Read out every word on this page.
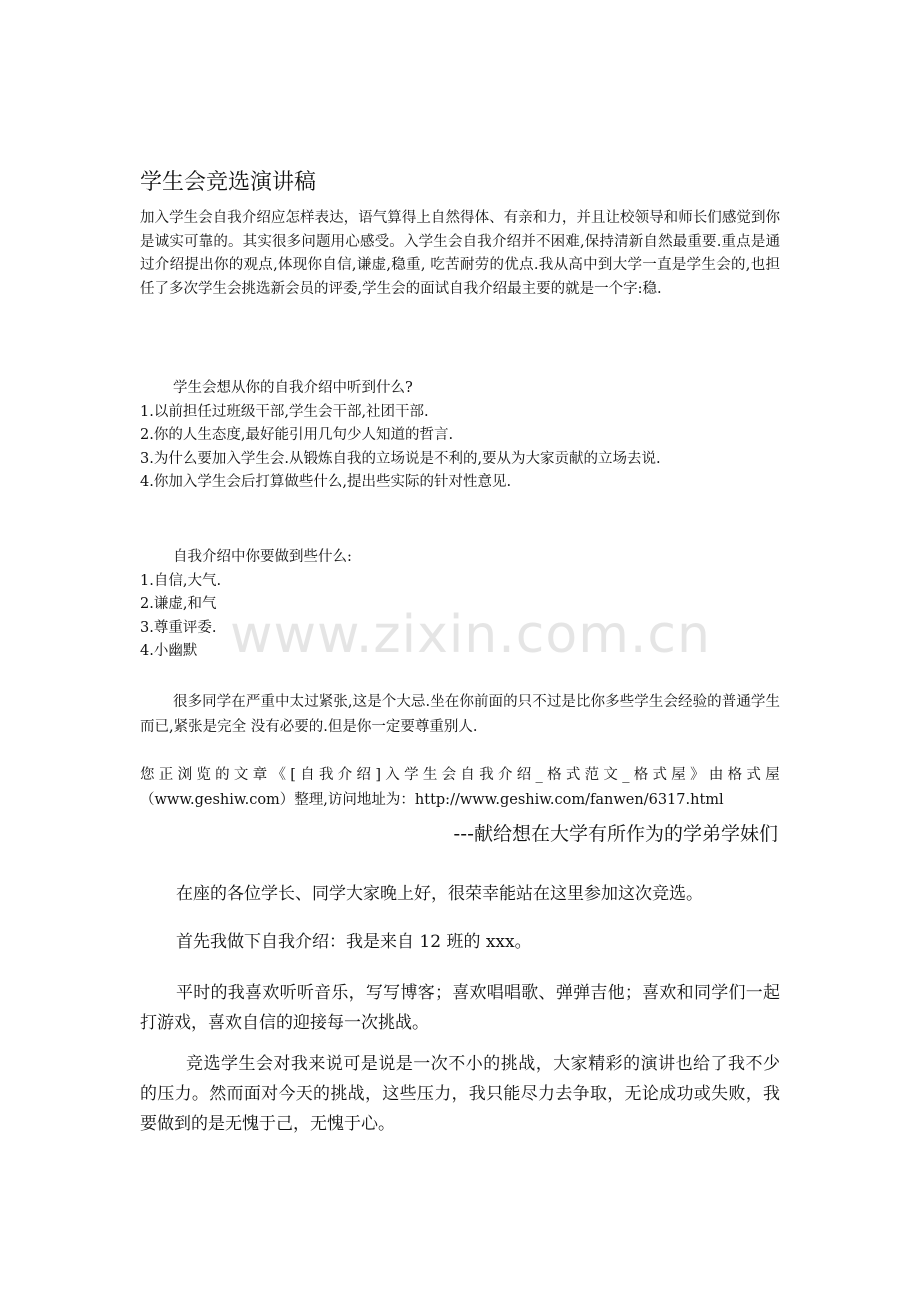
学生会竞选演讲稿

加入学生会自我介绍应怎样表达，语气算得上自然得体、有亲和力，并且让校领导和师长们感觉到你是诚实可靠的。其实很多问题用心感受。入学生会自我介绍并不困难,保持清新自然最重要.重点是通过介绍提出你的观点,体现你自信,谦虚,稳重, 吃苦耐劳的优点.我从高中到大学一直是学生会的,也担任了多次学生会挑选新会员的评委,学生会的面试自我介绍最主要的就是一个字:稳.

学生会想从你的自我介绍中听到什么?
1.以前担任过班级干部,学生会干部,社团干部.
2.你的人生态度,最好能引用几句少人知道的哲言.
3.为什么要加入学生会.从锻炼自我的立场说是不利的,要从为大家贡献的立场去说.
4.你加入学生会后打算做些什么,提出些实际的针对性意见.
自我介绍中你要做到些什么:
1.自信,大气.
2.谦虚,和气
3.尊重评委.
4.小幽默

很多同学在严重中太过紧张,这是个大忌.坐在你前面的只不过是比你多些学生会经验的普通学生而已,紧张是完全 没有必要的.但是你一定要尊重别人.

您 正 浏 览 的 文 章 《 [ 自 我 介 绍 ] 入 学 生 会 自 我 介 绍 _ 格 式 范 文 _ 格 式 屋 》 由 格 式 屋
（www.geshiw.com）整理,访问地址为：http://www.geshiw.com/fanwen/6317.html
---献给想在大学有所作为的学弟学妹们

在座的各位学长、同学大家晚上好，很荣幸能站在这里参加这次竞选。

首先我做下自我介绍：我是来自 12 班的 xxx。

平时的我喜欢听听音乐，写写博客；喜欢唱唱歌、弹弹吉他；喜欢和同学们一起打游戏，喜欢自信的迎接每一次挑战。

竞选学生会对我来说可是说是一次不小的挑战，大家精彩的演讲也给了我不少的压力。然而面对今天的挑战，这些压力，我只能尽力去争取，无论成功或失败，我要做到的是无愧于己，无愧于心。

www.zixin.com.cn
